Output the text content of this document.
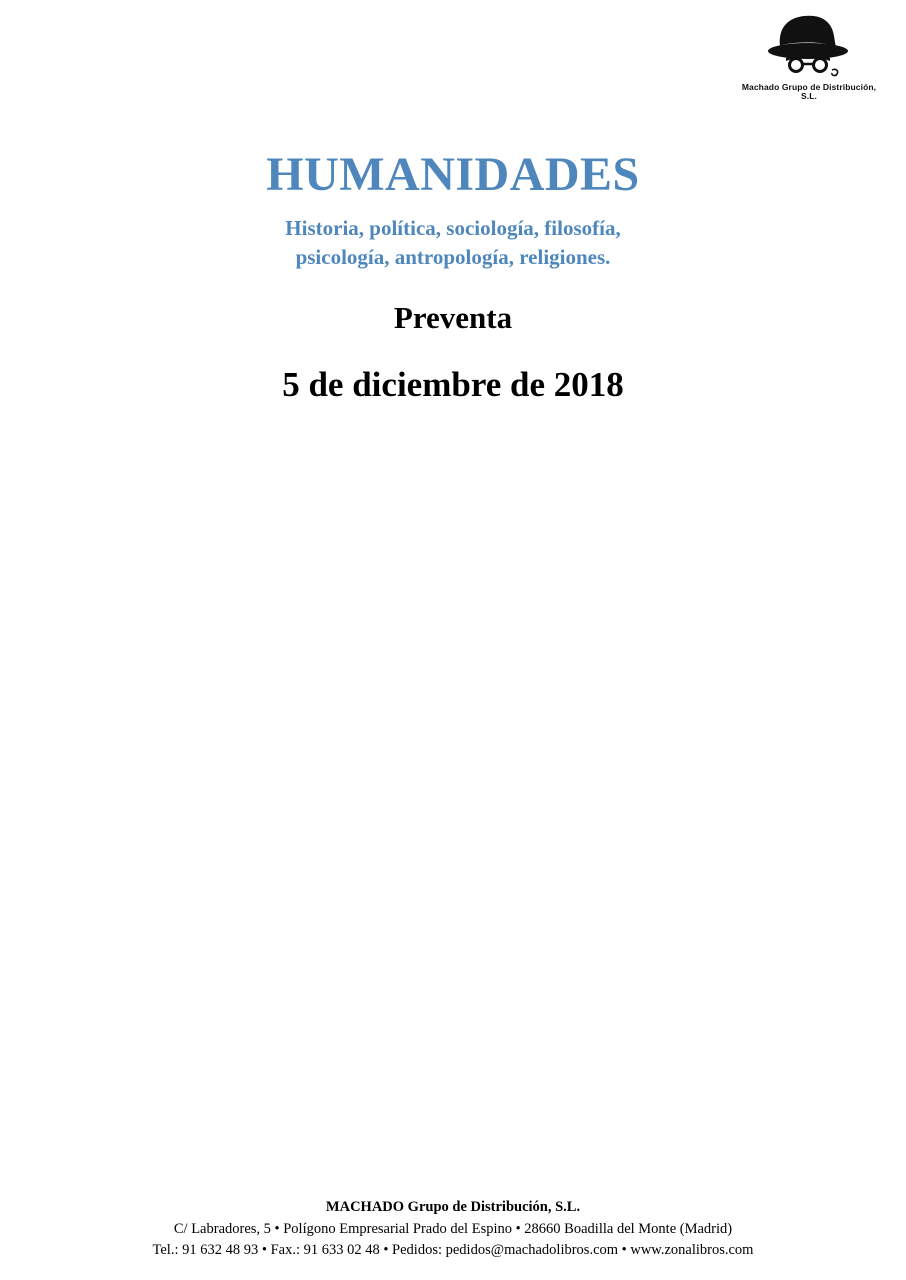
Machado Grupo de Distribución, S.L.
HUMANIDADES
Historia, política, sociología, filosofía,
psicología, antropología, religiones.
Preventa
5 de diciembre de 2018
MACHADO Grupo de Distribución, S.L.
C/ Labradores, 5 • Polígono Empresarial Prado del Espino • 28660 Boadilla del Monte (Madrid)
Tel.: 91 632 48 93 • Fax.: 91 633 02 48 • Pedidos: pedidos@machadolibros.com • www.zonalibros.com
